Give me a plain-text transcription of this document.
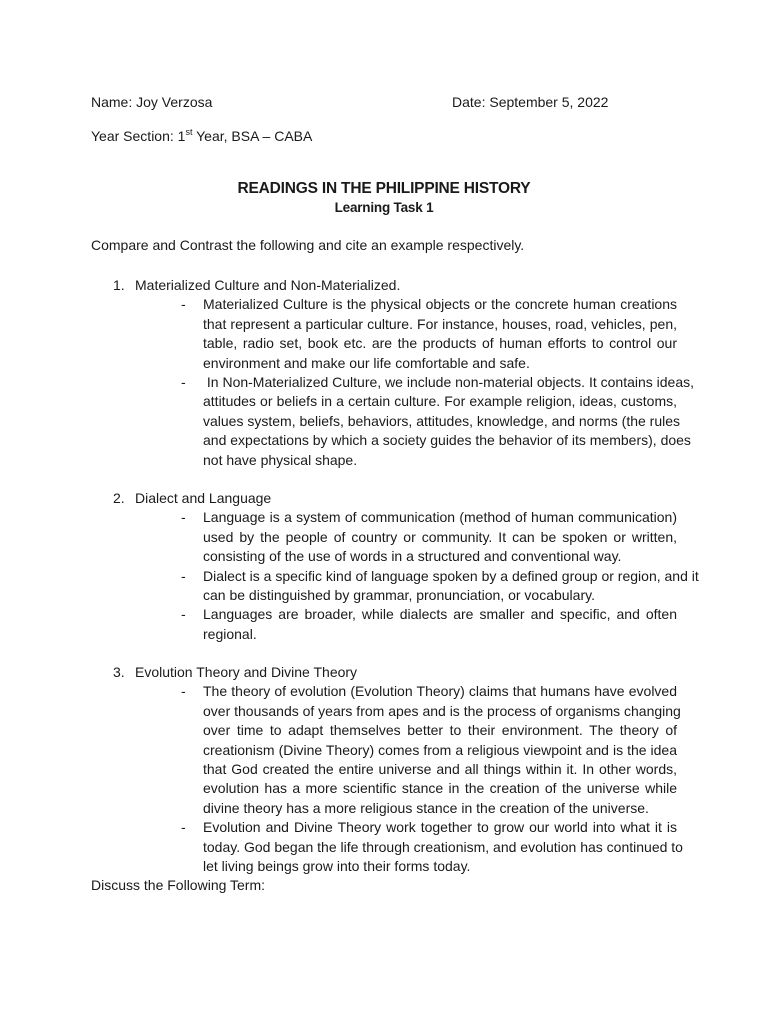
Name: Joy Verzosa	Date: September 5, 2022
Year Section: 1st Year, BSA – CABA
READINGS IN THE PHILIPPINE HISTORY
Learning Task 1
Compare and Contrast the following and cite an example respectively.
1. Materialized Culture and Non-Materialized.
- Materialized Culture is the physical objects or the concrete human creations
that represent a particular culture. For instance, houses, road, vehicles, pen,
table, radio set, book etc. are the products of human efforts to control our
environment and make our life comfortable and safe.
- In Non-Materialized Culture, we include non-material objects. It contains ideas,
attitudes or beliefs in a certain culture. For example religion, ideas, customs,
values system, beliefs, behaviors, attitudes, knowledge, and norms (the rules
and expectations by which a society guides the behavior of its members), does
not have physical shape.
2. Dialect and Language
- Language is a system of communication (method of human communication)
used by the people of country or community. It can be spoken or written,
consisting of the use of words in a structured and conventional way.
- Dialect is a specific kind of language spoken by a defined group or region, and it
can be distinguished by grammar, pronunciation, or vocabulary.
- Languages are broader, while dialects are smaller and specific, and often
regional.
3. Evolution Theory and Divine Theory
- The theory of evolution (Evolution Theory) claims that humans have evolved
over thousands of years from apes and is the process of organisms changing
over time to adapt themselves better to their environment. The theory of
creationism (Divine Theory) comes from a religious viewpoint and is the idea
that God created the entire universe and all things within it. In other words,
evolution has a more scientific stance in the creation of the universe while
divine theory has a more religious stance in the creation of the universe.
- Evolution and Divine Theory work together to grow our world into what it is
today. God began the life through creationism, and evolution has continued to
let living beings grow into their forms today.
Discuss the Following Term:
